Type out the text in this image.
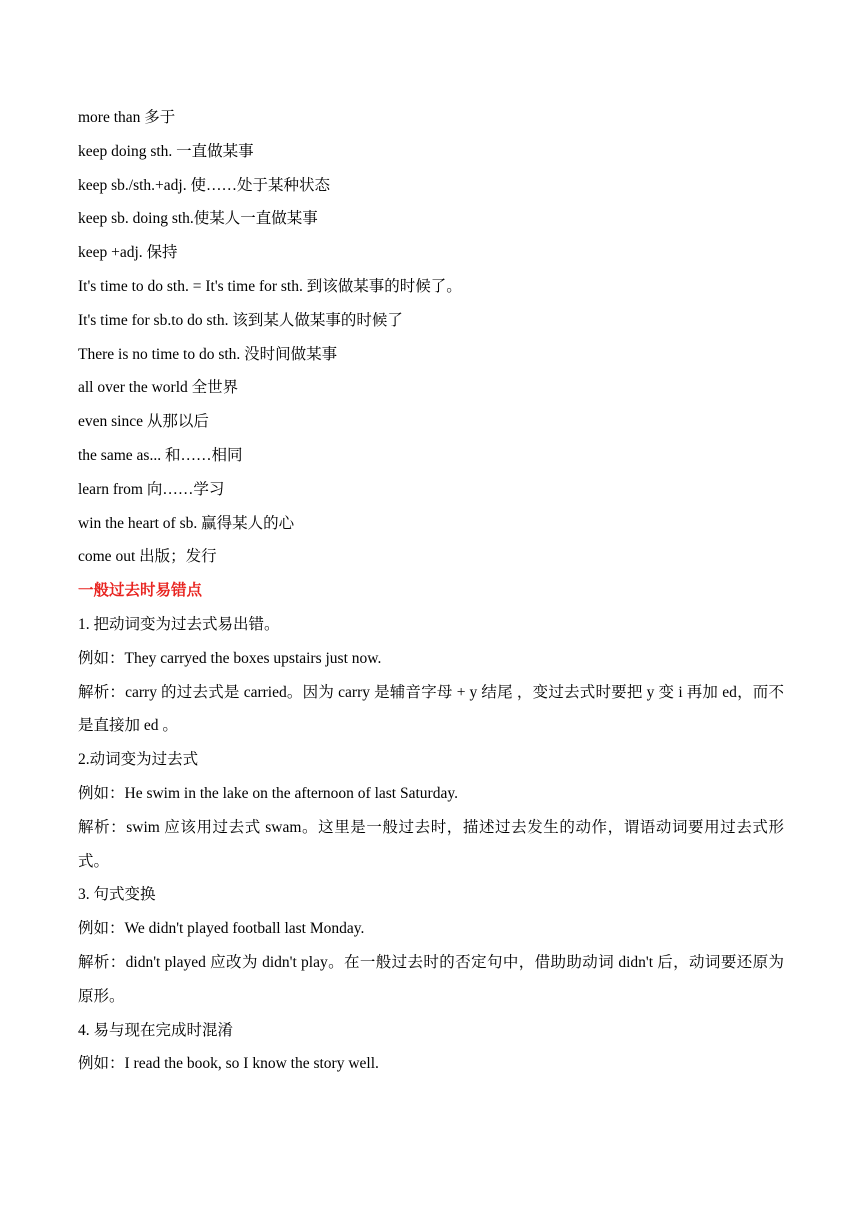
more than 多于
keep doing sth. 一直做某事
keep sb./sth.+adj. 使……处于某种状态
keep sb. doing sth.使某人一直做某事
keep +adj. 保持
It's time to do sth. = It's time for sth. 到该做某事的时候了。
It's time for sb.to do sth. 该到某人做某事的时候了
There is no time to do sth. 没时间做某事
all over the world 全世界
even since 从那以后
the same as... 和……相同
learn from 向……学习
win the heart of sb. 赢得某人的心
come out 出版；发行
一般过去时易错点
1. 把动词变为过去式易出错。
例如：They carryed the boxes upstairs just now.
解析：carry 的过去式是 carried。因为 carry 是辅音字母 + y 结尾 ，变过去式时要把 y 变 i 再加 ed，而不是直接加 ed 。
2.动词变为过去式
例如：He swim in the lake on the afternoon of last Saturday.
解析：swim 应该用过去式 swam。这里是一般过去时，描述过去发生的动作，谓语动词要用过去式形式。
3. 句式变换
例如：We didn't played football last Monday.
解析：didn't played 应改为 didn't play。在一般过去时的否定句中，借助助动词 didn't 后，动词要还原为原形。
4. 易与现在完成时混淆
例如：I read the book, so I know the story well.
